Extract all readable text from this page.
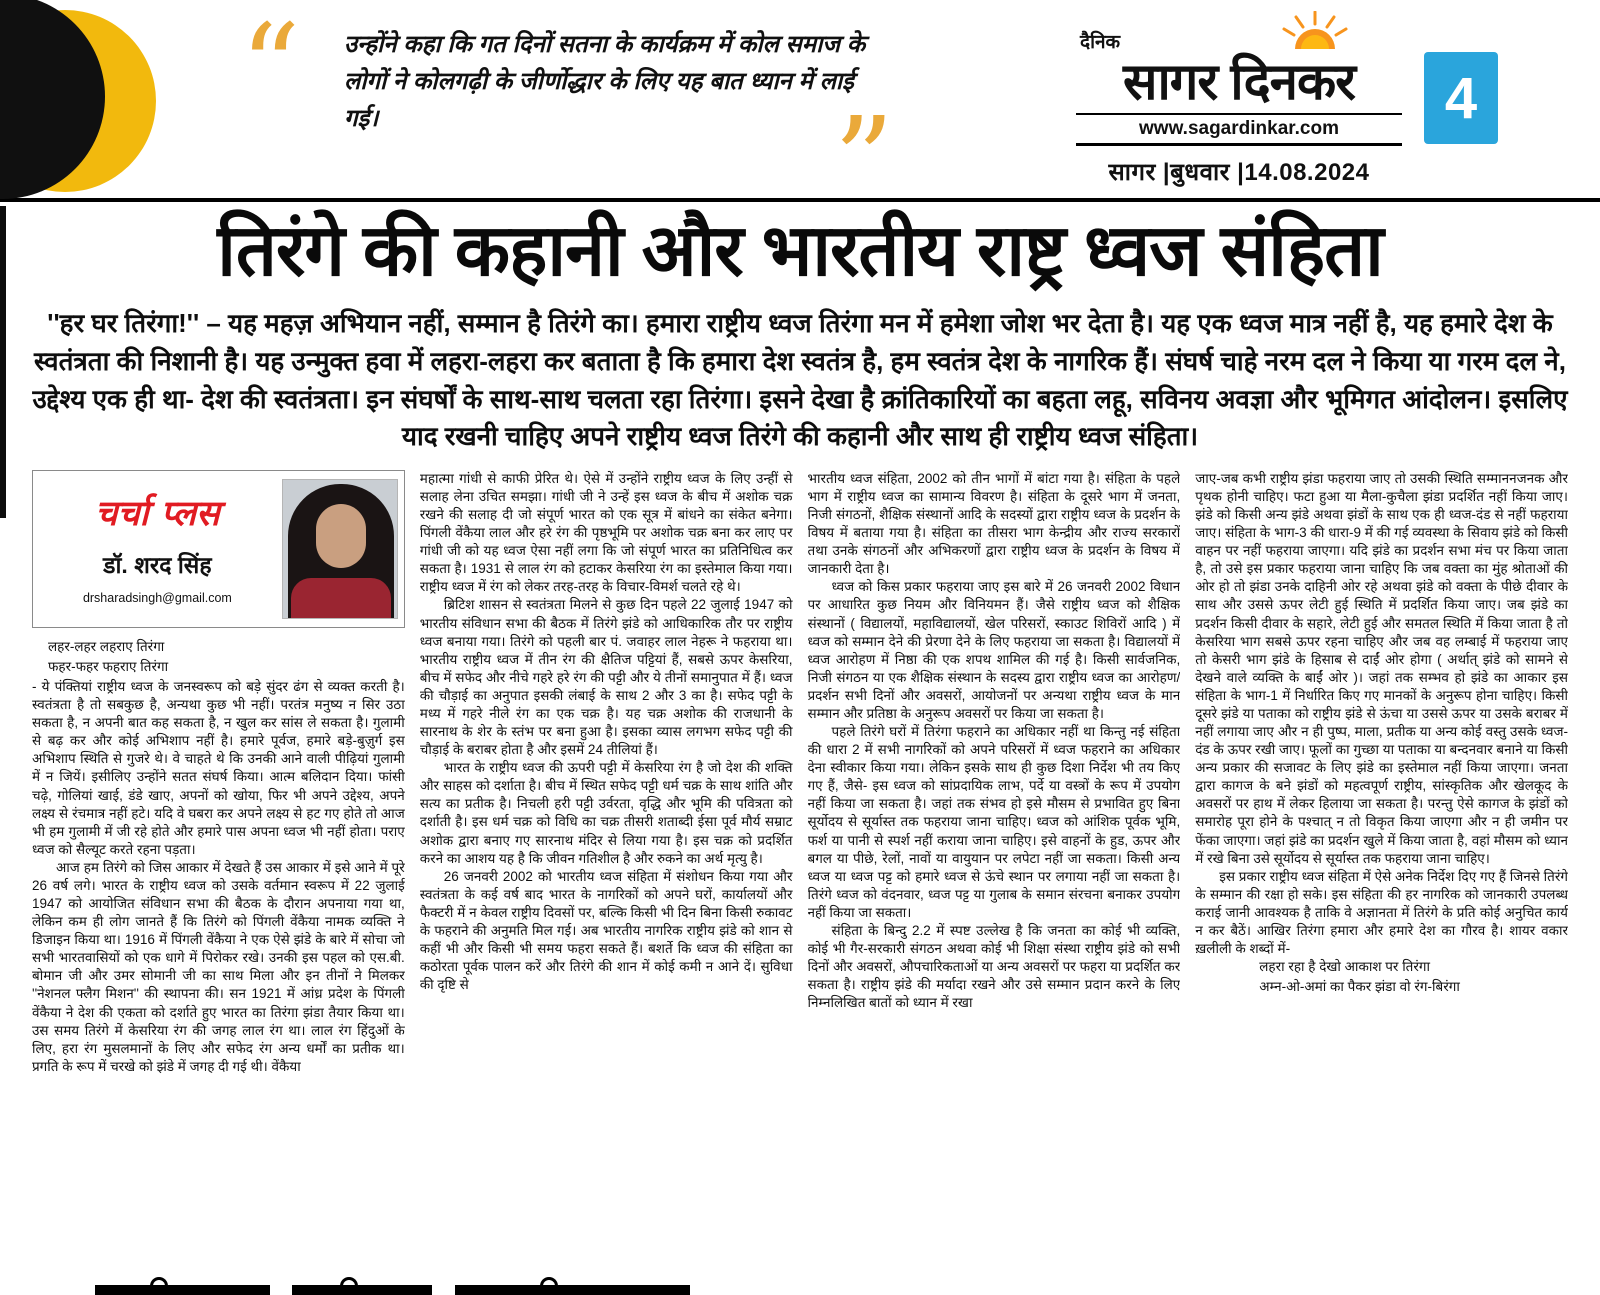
“ उन्होंने कहा कि गत दिनों सतना के कार्यक्रम में कोल समाज के लोगों ने कोलगढ़ी के जीर्णोद्धार के लिए यह बात ध्यान में लाई गई।	”
दैनिक
सागर दिनकर
www.sagardinkar.com
सागर |बुधवार |14.08.2024
4
तिरंगे की कहानी और भारतीय राष्ट्र ध्वज संहिता

''हर घर तिरंगा!'' – यह महज़ अभियान नहीं, सम्मान है तिरंगे का। हमारा राष्ट्रीय ध्वज तिरंगा मन में हमेशा जोश भर देता है। यह एक ध्वज मात्र नहीं है, यह हमारे देश के स्वतंत्रता की निशानी है। यह उन्मुक्त हवा में लहरा-लहरा कर बताता है कि हमारा देश स्वतंत्र है, हम स्वतंत्र देश के नागरिक हैं। संघर्ष चाहे नरम दल ने किया या गरम दल ने, उद्देश्य एक ही था- देश की स्वतंत्रता। इन संघर्षों के साथ-साथ चलता रहा तिरंगा। इसने देखा है क्रांतिकारियों का बहता लहू, सविनय अवज्ञा और भूमिगत आंदोलन। इसलिए याद रखनी चाहिए अपने राष्ट्रीय ध्वज तिरंगे की कहानी और साथ ही राष्ट्रीय ध्वज संहिता।

चर्चा प्लस
डॉ. शरद सिंह
drsharadsingh@gmail.com

लहर-लहर लहराए तिरंगा

फहर-फहर फहराए तिरंगा

- ये पंक्तियां राष्ट्रीय ध्वज के जनस्वरूप को बड़े सुंदर ढंग से व्यक्त करती है। स्वतंत्रता है तो सबकुछ है, अन्यथा कुछ भी नहीं। परतंत्र मनुष्य न सिर उठा सकता है, न अपनी बात कह सकता है, न खुल कर सांस ले सकता है। गुलामी से बढ़ कर और कोई अभिशाप नहीं है। हमारे पूर्वज, हमारे बड़े-बुज़ुर्ग इस अभिशाप स्थिति से गुजरे थे। वे चाहते थे कि उनकी आने वाली पीढ़ियां गुलामी में न जियें। इसीलिए उन्होंने सतत संघर्ष किया। आत्म बलिदान दिया। फांसी चढ़े, गोलियां खाई, डंडे खाए, अपनों को खोया, फिर भी अपने उद्देश्य, अपने लक्ष्य से रंचमात्र नहीं हटे। यदि वे घबरा कर अपने लक्ष्य से हट गए होते तो आज भी हम गुलामी में जी रहे होते और हमारे पास अपना ध्वज भी नहीं होता। पराए ध्वज को सैल्यूट करते रहना पड़ता।

आज हम तिरंगे को जिस आकार में देखते हैं उस आकार में इसे आने में पूरे 26 वर्ष लगे। भारत के राष्ट्रीय ध्वज को उसके वर्तमान स्वरूप में 22 जुलाई 1947 को आयोजित संविधान सभा की बैठक के दौरान अपनाया गया था, लेकिन कम ही लोग जानते हैं कि तिरंगे को पिंगली वेंकैया नामक व्यक्ति ने डिजाइन किया था। 1916 में पिंगली वेंकैया ने एक ऐसे झंडे के बारे में सोचा जो सभी भारतवासियों को एक धागे में पिरोकर रखे। उनकी इस पहल को एस.बी. बोमान जी और उमर सोमानी जी का साथ मिला और इन तीनों ने मिलकर ''नेशनल फ्लैग मिशन'' की स्थापना की। सन 1921 में आंध्र प्रदेश के पिंगली वेंकैया ने देश की एकता को दर्शाते हुए भारत का तिरंगा झंडा तैयार किया था। उस समय तिरंगे में केसरिया रंग की जगह लाल रंग था। लाल रंग हिंदुओं के लिए, हरा रंग मुसलमानों के लिए और सफेद रंग अन्य धर्मों का प्रतीक था। प्रगति के रूप में चरखे को झंडे में जगह दी गई थी। वेंकैया

महात्मा गांधी से काफी प्रेरित थे। ऐसे में उन्होंने राष्ट्रीय ध्वज के लिए उन्हीं से सलाह लेना उचित समझा। गांधी जी ने उन्हें इस ध्वज के बीच में अशोक चक्र रखने की सलाह दी जो संपूर्ण भारत को एक सूत्र में बांधने का संकेत बनेगा। पिंगली वेंकैया लाल और हरे रंग की पृष्ठभूमि पर अशोक चक्र बना कर लाए पर गांधी जी को यह ध्वज ऐसा नहीं लगा कि जो संपूर्ण भारत का प्रतिनिधित्व कर सकता है। 1931 से लाल रंग को हटाकर केसरिया रंग का इस्तेमाल किया गया। राष्ट्रीय ध्वज में रंग को लेकर तरह-तरह के विचार-विमर्श चलते रहे थे।

ब्रिटिश शासन से स्वतंत्रता मिलने से कुछ दिन पहले 22 जुलाई 1947 को भारतीय संविधान सभा की बैठक में तिरंगे झंडे को आधिकारिक तौर पर राष्ट्रीय ध्वज बनाया गया। तिरंगे को पहली बार पं. जवाहर लाल नेहरू ने फहराया था। भारतीय राष्ट्रीय ध्वज में तीन रंग की क्षैतिज पट्टियां हैं, सबसे ऊपर केसरिया, बीच में सफेद और नीचे गहरे हरे रंग की पट्टी और ये तीनों समानुपात में हैं। ध्वज की चौड़ाई का अनुपात इसकी लंबाई के साथ 2 और 3 का है। सफेद पट्टी के मध्य में गहरे नीले रंग का एक चक्र है। यह चक्र अशोक की राजधानी के सारनाथ के शेर के स्तंभ पर बना हुआ है। इसका व्यास लगभग सफेद पट्टी की चौड़ाई के बराबर होता है और इसमें 24 तीलियां हैं।

भारत के राष्ट्रीय ध्वज की ऊपरी पट्टी में केसरिया रंग है जो देश की शक्ति और साहस को दर्शाता है। बीच में स्थित सफेद पट्टी धर्म चक्र के साथ शांति और सत्य का प्रतीक है। निचली हरी पट्टी उर्वरता, वृद्धि और भूमि की पवित्रता को दर्शाती है। इस धर्म चक्र को विधि का चक्र तीसरी शताब्दी ईसा पूर्व मौर्य सम्राट अशोक द्वारा बनाए गए सारनाथ मंदिर से लिया गया है। इस चक्र को प्रदर्शित करने का आशय यह है कि जीवन गतिशील है और रुकने का अर्थ मृत्यु है।

26 जनवरी 2002 को भारतीय ध्वज संहिता में संशोधन किया गया और स्वतंत्रता के कई वर्ष बाद भारत के नागरिकों को अपने घरों, कार्यालयों और फैक्टरी में न केवल राष्ट्रीय दिवसों पर, बल्कि किसी भी दिन बिना किसी रुकावट के फहराने की अनुमति मिल गई। अब भारतीय नागरिक राष्ट्रीय झंडे को शान से कहीं भी और किसी भी समय फहरा सकते हैं। बशर्ते कि ध्वज की संहिता का कठोरता पूर्वक पालन करें और तिरंगे की शान में कोई कमी न आने दें। सुविधा की दृष्टि से

भारतीय ध्वज संहिता, 2002 को तीन भागों में बांटा गया है। संहिता के पहले भाग में राष्ट्रीय ध्वज का सामान्य विवरण है। संहिता के दूसरे भाग में जनता, निजी संगठनों, शैक्षिक संस्थानों आदि के सदस्यों द्वारा राष्ट्रीय ध्वज के प्रदर्शन के विषय में बताया गया है। संहिता का तीसरा भाग केन्द्रीय और राज्य सरकारों तथा उनके संगठनों और अभिकरणों द्वारा राष्ट्रीय ध्वज के प्रदर्शन के विषय में जानकारी देता है।

ध्वज को किस प्रकार फहराया जाए इस बारे में 26 जनवरी 2002 विधान पर आधारित कुछ नियम और विनियमन हैं। जैसे राष्ट्रीय ध्वज को शैक्षिक संस्थानों ( विद्यालयों, महाविद्यालयों, खेल परिसरों, स्काउट शिविरों आदि ) में ध्वज को सम्मान देने की प्रेरणा देने के लिए फहराया जा सकता है। विद्यालयों में ध्वज आरोहण में निष्ठा की एक शपथ शामिल की गई है। किसी सार्वजनिक, निजी संगठन या एक शैक्षिक संस्थान के सदस्य द्वारा राष्ट्रीय ध्वज का आरोहण/प्रदर्शन सभी दिनों और अवसरों, आयोजनों पर अन्यथा राष्ट्रीय ध्वज के मान सम्मान और प्रतिष्ठा के अनुरूप अवसरों पर किया जा सकता है।

पहले तिरंगे घरों में तिरंगा फहराने का अधिकार नहीं था किन्तु नई संहिता की धारा 2 में सभी नागरिकों को अपने परिसरों में ध्वज फहराने का अधिकार देना स्वीकार किया गया। लेकिन इसके साथ ही कुछ दिशा निर्देश भी तय किए गए हैं, जैसे- इस ध्वज को सांप्रदायिक लाभ, पर्दे या वस्त्रों के रूप में उपयोग नहीं किया जा सकता है। जहां तक संभव हो इसे मौसम से प्रभावित हुए बिना सूर्योदय से सूर्यास्त तक फहराया जाना चाहिए। ध्वज को आंशिक पूर्वक भूमि, फर्श या पानी से स्पर्श नहीं कराया जाना चाहिए। इसे वाहनों के हुड, ऊपर और बगल या पीछे, रेलों, नावों या वायुयान पर लपेटा नहीं जा सकता। किसी अन्य ध्वज या ध्वज पट्ट को हमारे ध्वज से ऊंचे स्थान पर लगाया नहीं जा सकता है। तिरंगे ध्वज को वंदनवार, ध्वज पट्ट या गुलाब के समान संरचना बनाकर उपयोग नहीं किया जा सकता।

संहिता के बिन्दु 2.2 में स्पष्ट उल्लेख है कि जनता का कोई भी व्यक्ति, कोई भी गैर-सरकारी संगठन अथवा कोई भी शिक्षा संस्था राष्ट्रीय झंडे को सभी दिनों और अवसरों, औपचारिकताओं या अन्य अवसरों पर फहरा या प्रदर्शित कर सकता है। राष्ट्रीय झंडे की मर्यादा रखने और उसे सम्मान प्रदान करने के लिए निम्नलिखित बातों को ध्यान में रखा

जाए-जब कभी राष्ट्रीय झंडा फहराया जाए तो उसकी स्थिति सम्माननजनक और पृथक होनी चाहिए। फटा हुआ या मैला-कुचैला झंडा प्रदर्शित नहीं किया जाए। झंडे को किसी अन्य झंडे अथवा झंडों के साथ एक ही ध्वज-दंड से नहीं फहराया जाए। संहिता के भाग-3 की धारा-9 में की गई व्यवस्था के सिवाय झंडे को किसी वाहन पर नहीं फहराया जाएगा। यदि झंडे का प्रदर्शन सभा मंच पर किया जाता है, तो उसे इस प्रकार फहराया जाना चाहिए कि जब वक्ता का मुंह श्रोताओं की ओर हो तो झंडा उनके दाहिनी ओर रहे अथवा झंडे को वक्ता के पीछे दीवार के साथ और उससे ऊपर लेटी हुई स्थिति में प्रदर्शित किया जाए। जब झंडे का प्रदर्शन किसी दीवार के सहारे, लेटी हुई और समतल स्थिति में किया जाता है तो केसरिया भाग सबसे ऊपर रहना चाहिए और जब वह लम्बाई में फहराया जाए तो केसरी भाग झंडे के हिसाब से दाईं ओर होगा ( अर्थात् झंडे को सामने से देखने वाले व्यक्ति के बाईं ओर )। जहां तक सम्भव हो झंडे का आकार इस संहिता के भाग-1 में निर्धारित किए गए मानकों के अनुरूप होना चाहिए। किसी दूसरे झंडे या पताका को राष्ट्रीय झंडे से ऊंचा या उससे ऊपर या उसके बराबर में नहीं लगाया जाए और न ही पुष्प, माला, प्रतीक या अन्य कोई वस्तु उसके ध्वज-दंड के ऊपर रखी जाए। फूलों का गुच्छा या पताका या बन्दनवार बनाने या किसी अन्य प्रकार की सजावट के लिए झंडे का इस्तेमाल नहीं किया जाएगा। जनता द्वारा कागज के बने झंडों को महत्वपूर्ण राष्ट्रीय, सांस्कृतिक और खेलकूद के अवसरों पर हाथ में लेकर हिलाया जा सकता है। परन्तु ऐसे कागज के झंडों को समारोह पूरा होने के पश्चात् न तो विकृत किया जाएगा और न ही जमीन पर फेंका जाएगा। जहां झंडे का प्रदर्शन खुले में किया जाता है, वहां मौसम को ध्यान में रखे बिना उसे सूर्योदय से सूर्यास्त तक फहराया जाना चाहिए।

इस प्रकार राष्ट्रीय ध्वज संहिता में ऐसे अनेक निर्देश दिए गए हैं जिनसे तिरंगे के सम्मान की रक्षा हो सके। इस संहिता की हर नागरिक को जानकारी उपलब्ध कराई जानी आवश्यक है ताकि वे अज्ञानता में तिरंगे के प्रति कोई अनुचित कार्य न कर बैठें। आखिर तिरंगा हमारा और हमारे देश का गौरव है। शायर वकार ख़लीली के शब्दों में-

लहरा रहा है देखो आकाश पर तिरंगा

अम्न-ओ-अमां का पैकर झंडा वो रंग-बिरंगा
